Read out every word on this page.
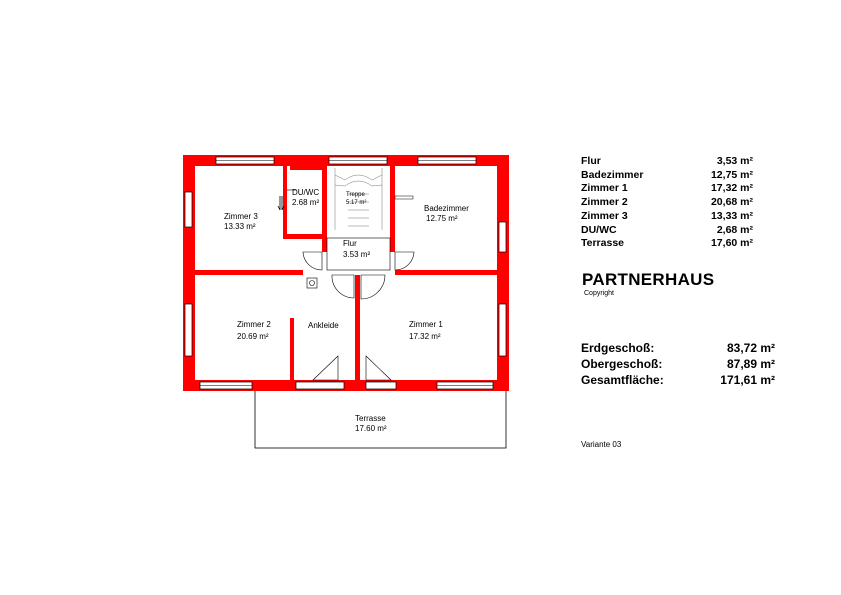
Zimmer 3
13.33 m²
DU/WC
2.68 m²
Treppe
5.17 m²
Badezimmer
12.75 m²
Flur
3.53 m²
Zimmer 2
20.69 m²
Ankleide	Zimmer 1
17.32 m²
Terrasse
17.60 m²
Flur	3,53 m²
Badezimmer	12,75 m²
Zimmer 1	17,32 m²
Zimmer 2	20,68 m²
Zimmer 3	13,33 m²
DU/WC	2,68 m²
Terrasse	17,60 m²
PARTNERHAUS
Copyright
Erdgeschoß:	83,72 m²
Obergeschoß:	87,89 m²
Gesamtfläche:	171,61 m²
Variante 03
